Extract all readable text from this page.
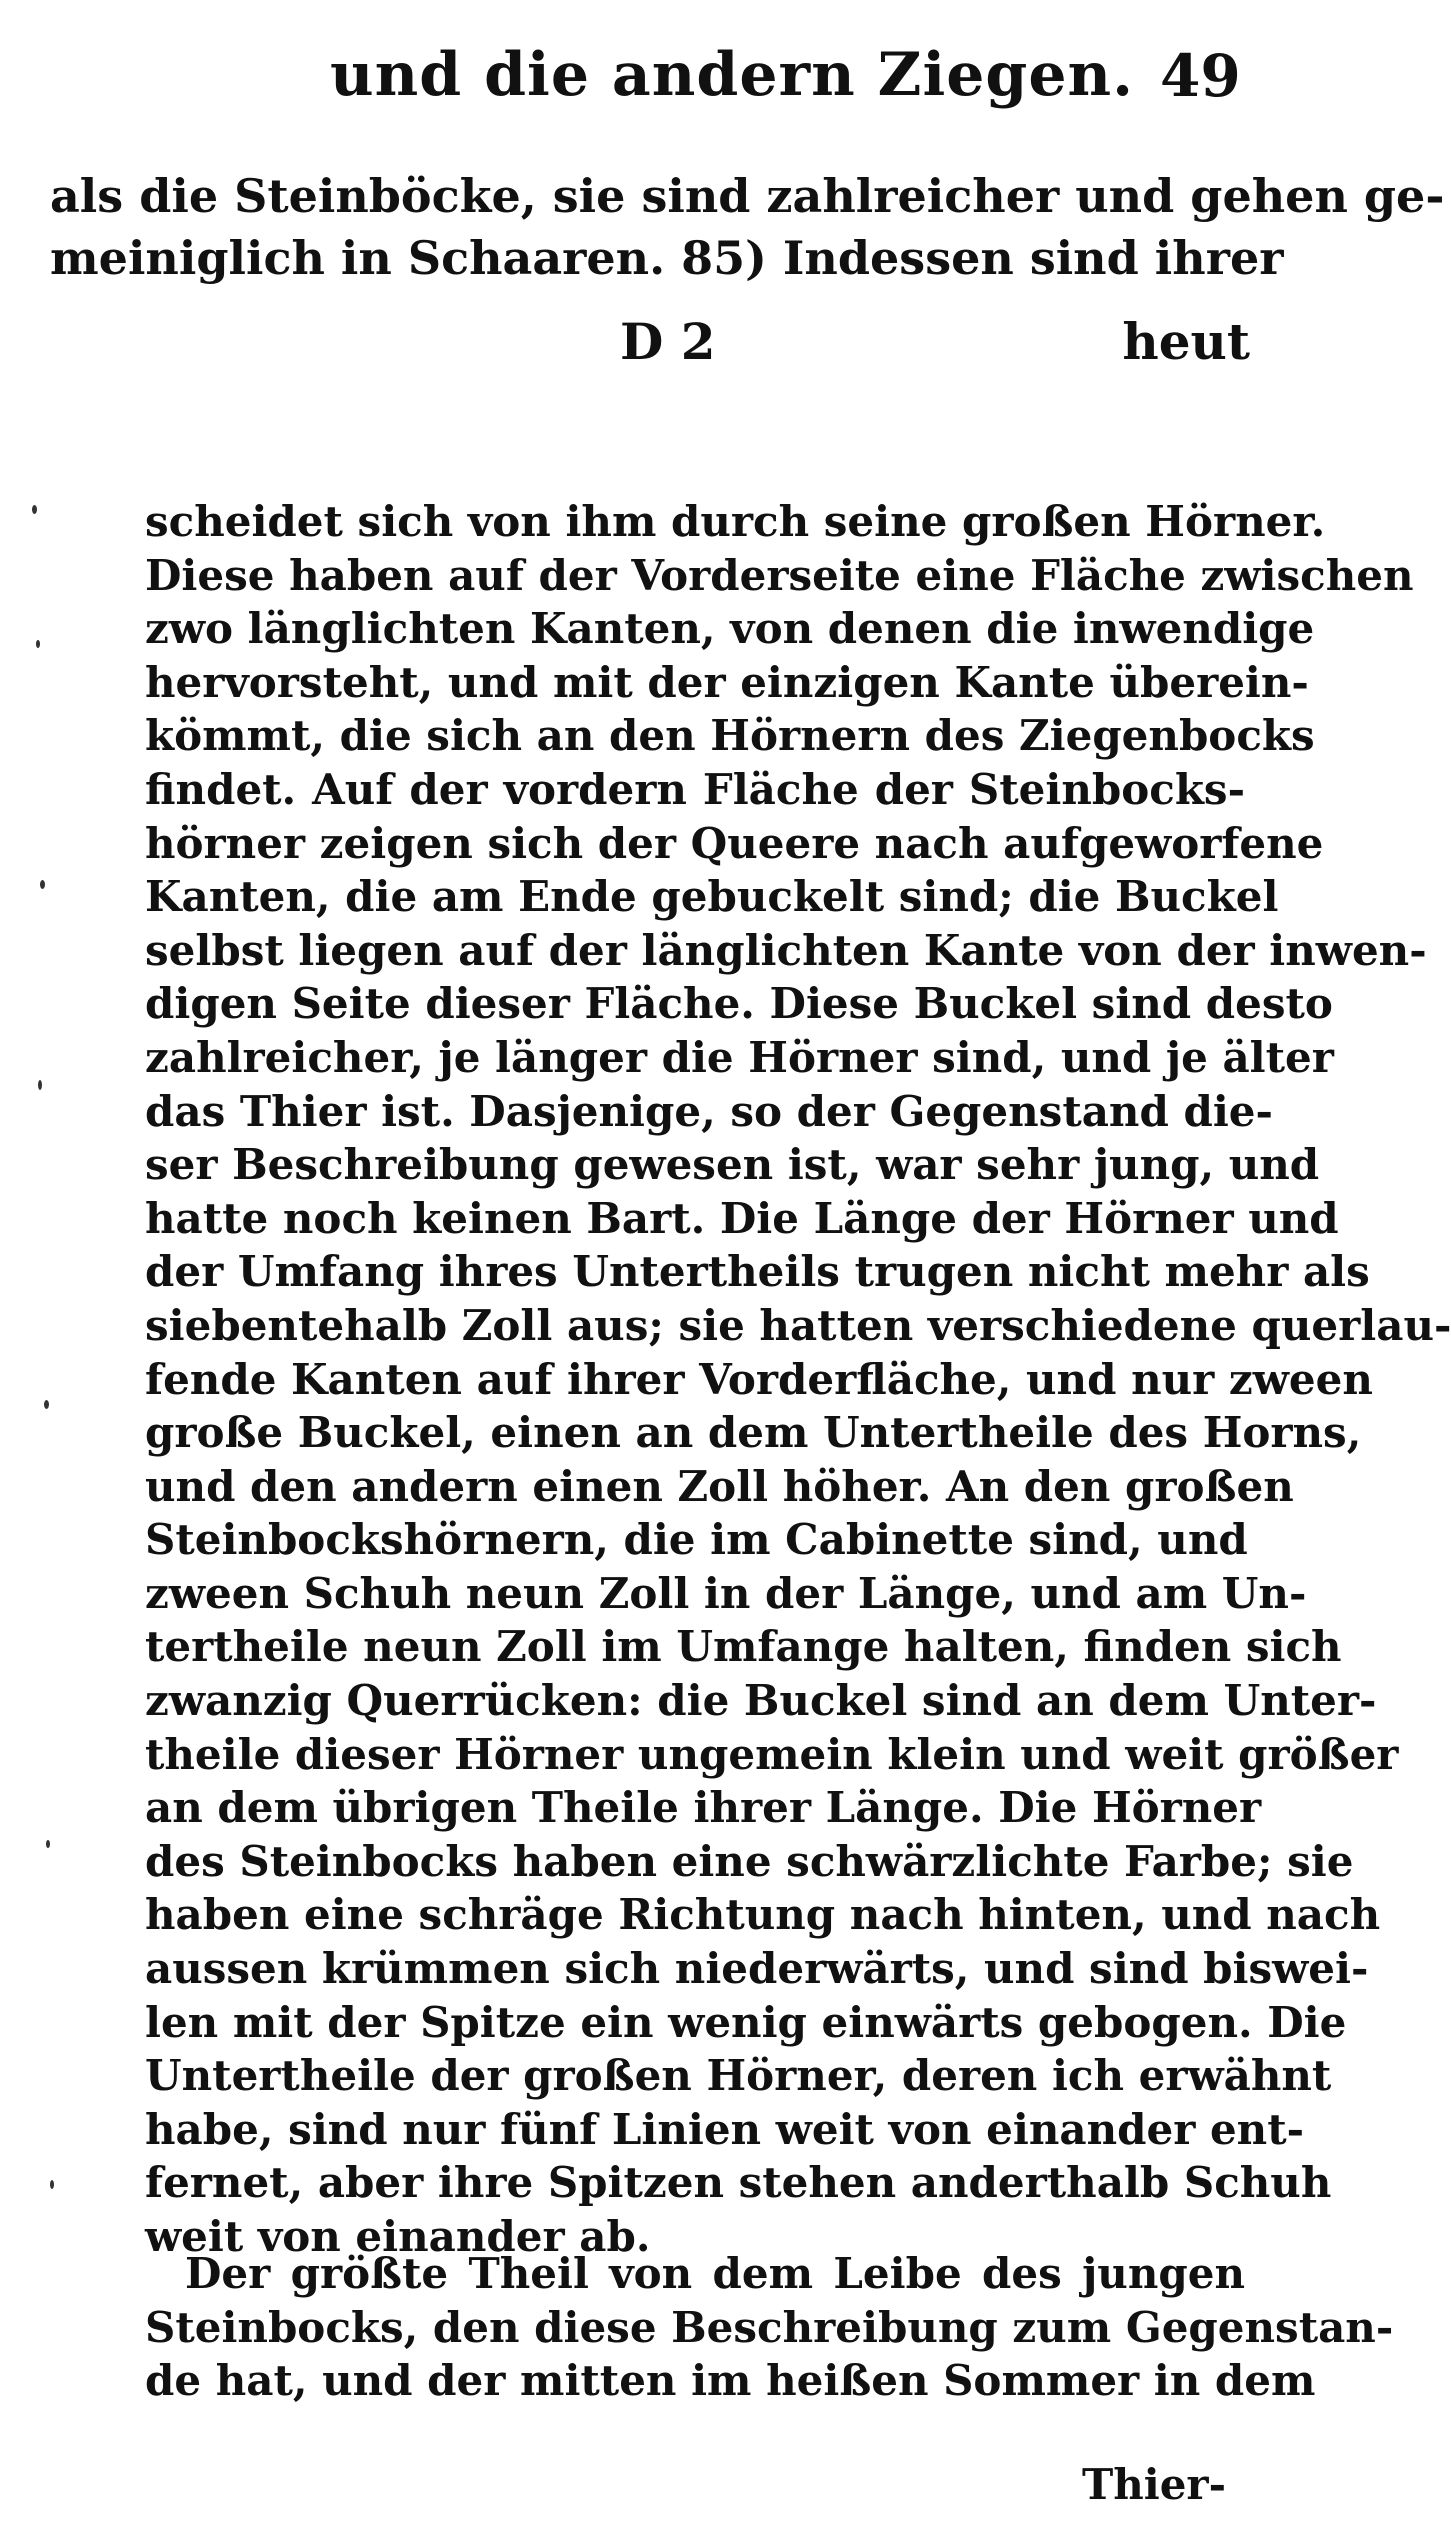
und die andern Ziegen. 49
als die Steinböcke, sie sind zahlreicher und gehen ge-
meiniglich in Schaaren. 85) Indessen sind ihrer
D 2	heut
scheidet sich von ihm durch seine großen Hörner.
Diese haben auf der Vorderseite eine Fläche zwischen
zwo länglichten Kanten, von denen die inwendige
hervorsteht, und mit der einzigen Kante überein-
kömmt, die sich an den Hörnern des Ziegenbocks
findet. Auf der vordern Fläche der Steinbocks-
hörner zeigen sich der Queere nach aufgeworfene
Kanten, die am Ende gebuckelt sind; die Buckel
selbst liegen auf der länglichten Kante von der inwen-
digen Seite dieser Fläche. Diese Buckel sind desto
zahlreicher, je länger die Hörner sind, und je älter
das Thier ist. Dasjenige, so der Gegenstand die-
ser Beschreibung gewesen ist, war sehr jung, und
hatte noch keinen Bart. Die Länge der Hörner und
der Umfang ihres Untertheils trugen nicht mehr als
siebentehalb Zoll aus; sie hatten verschiedene querlau-
fende Kanten auf ihrer Vorderfläche, und nur zween
große Buckel, einen an dem Untertheile des Horns,
und den andern einen Zoll höher. An den großen
Steinbockshörnern, die im Cabinette sind, und
zween Schuh neun Zoll in der Länge, und am Un-
tertheile neun Zoll im Umfange halten, finden sich
zwanzig Querrücken: die Buckel sind an dem Unter-
theile dieser Hörner ungemein klein und weit größer
an dem übrigen Theile ihrer Länge. Die Hörner
des Steinbocks haben eine schwärzlichte Farbe; sie
haben eine schräge Richtung nach hinten, und nach
aussen krümmen sich niederwärts, und sind biswei-
len mit der Spitze ein wenig einwärts gebogen. Die
Untertheile der großen Hörner, deren ich erwähnt
habe, sind nur fünf Linien weit von einander ent-
fernet, aber ihre Spitzen stehen anderthalb Schuh
weit von einander ab.
Der größte Theil von dem Leibe des jungen
Steinbocks, den diese Beschreibung zum Gegenstan-
de hat, und der mitten im heißen Sommer in dem
Thier-
